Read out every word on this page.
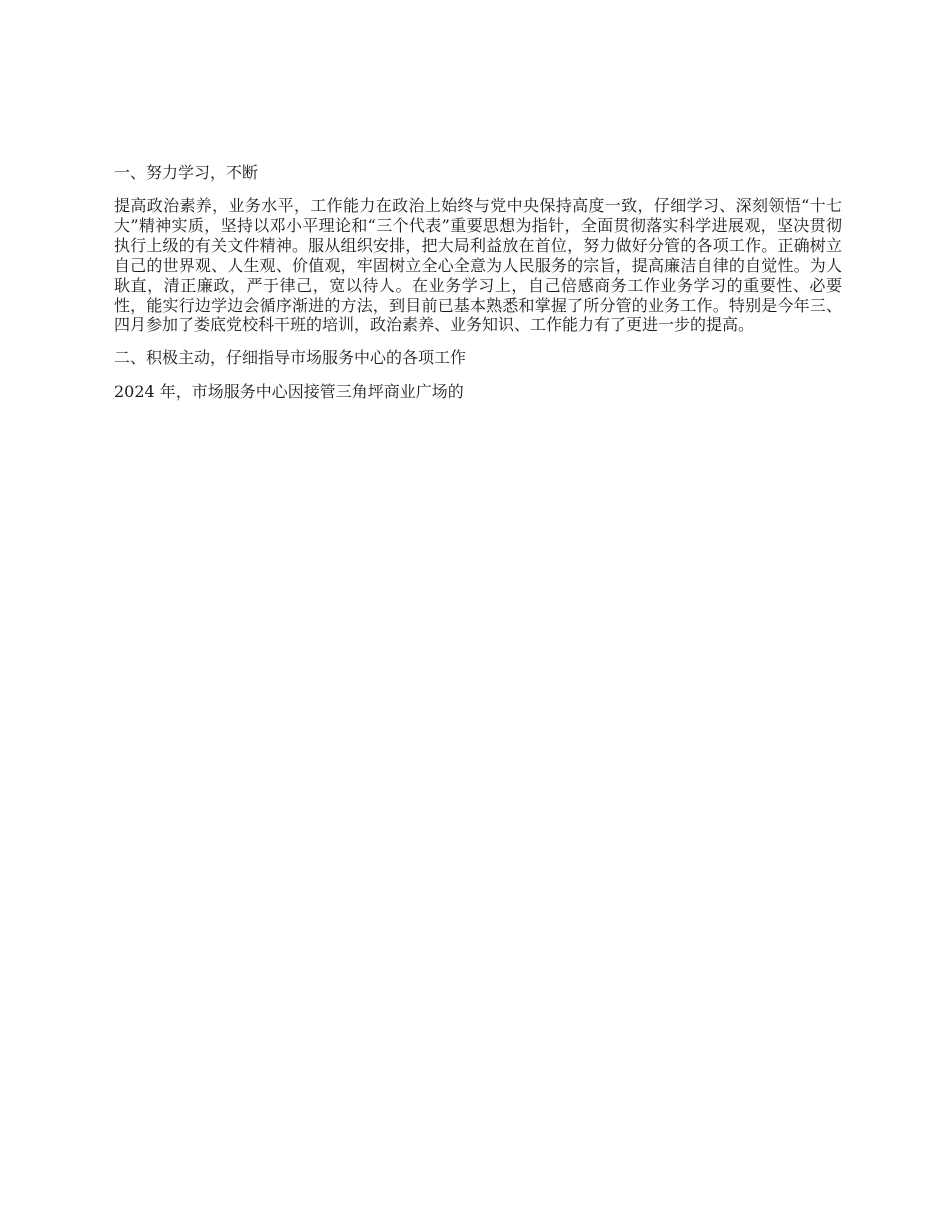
一、努力学习，不断

提高政治素养，业务水平，工作能力在政治上始终与党中央保持高度一致，仔细学习、深刻领悟“十七大”精神实质，坚持以邓小平理论和“三个代表”重要思想为指针，全面贯彻落实科学进展观，坚决贯彻执行上级的有关文件精神。服从组织安排，把大局利益放在首位，努力做好分管的各项工作。正确树立自己的世界观、人生观、价值观，牢固树立全心全意为人民服务的宗旨，提高廉洁自律的自觉性。为人耿直，清正廉政，严于律己，宽以待人。在业务学习上，自己倍感商务工作业务学习的重要性、必要性，能实行边学边会循序渐进的方法，到目前已基本熟悉和掌握了所分管的业务工作。特别是今年三、四月参加了娄底党校科干班的培训，政治素养、业务知识、工作能力有了更进一步的提高。

二、积极主动，仔细指导市场服务中心的各项工作

2024 年，市场服务中心因接管三角坪商业广场的
